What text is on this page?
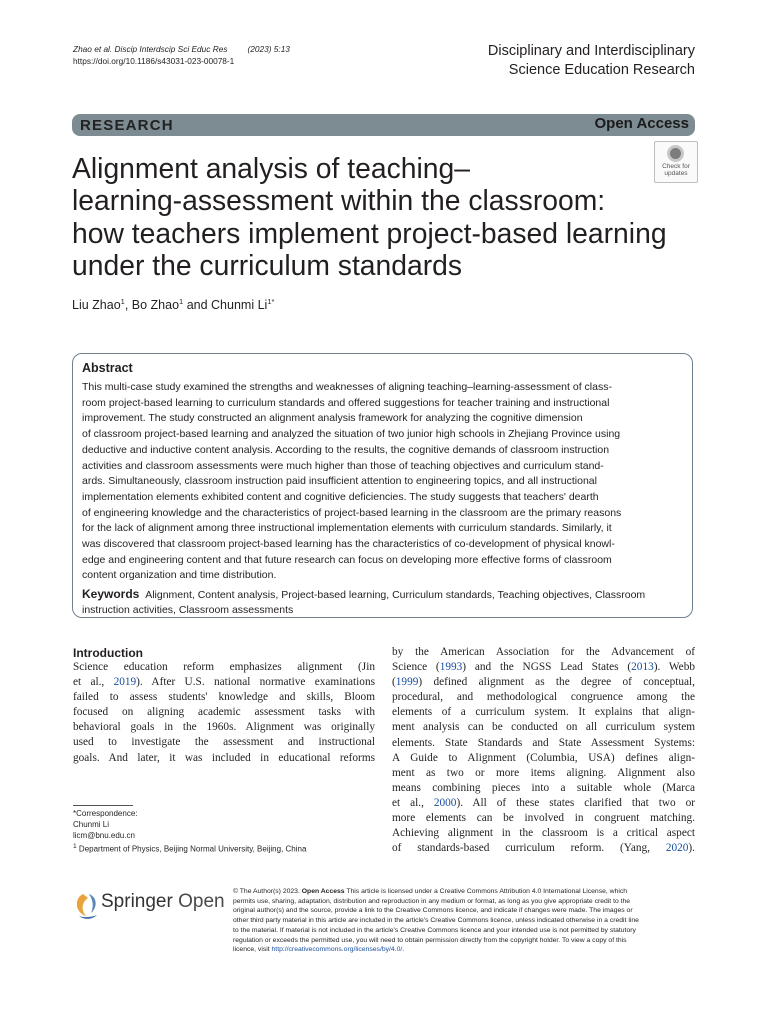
Zhao et al. Discip Interdscip Sci Educ Res (2023) 5:13
https://doi.org/10.1186/s43031-023-00078-1
Disciplinary and Interdisciplinary
Science Education Research
RESEARCH	Open Access
Alignment analysis of teaching–
learning-assessment within the classroom:
how teachers implement project-based learning
under the curriculum standards
Check for
updates
Liu Zhao$^1$, Bo Zhao$^1$ and Chunmi $Li^{1*}$
Abstract
This multi-case study examined the strengths and weaknesses of aligning teaching–learning-assessment of class-
room project-based learning to curriculum standards and offered suggestions for teacher training and instructional
improvement. The study constructed an alignment analysis framework for analyzing the cognitive dimension
of classroom project-based learning and analyzed the situation of two junior high schools in Zhejiang Province using
deductive and inductive content analysis. According to the results, the cognitive demands of classroom instruction
activities and classroom assessments were much higher than those of teaching objectives and curriculum stand-
ards. Simultaneously, classroom instruction paid insufficient attention to engineering topics, and all instructional
implementation elements exhibited content and cognitive deficiencies. The study suggests that teachers' dearth
of engineering knowledge and the characteristics of project-based learning in the classroom are the primary reasons
for the lack of alignment among three instructional implementation elements with curriculum standards. Similarly, it
was discovered that classroom project-based learning has the characteristics of co-development of physical knowl-
edge and engineering content and that future research can focus on developing more effective forms of classroom
content organization and time distribution.
Keywords Alignment, Content analysis, Project-based learning, Curriculum standards, Teaching objectives, Classroom
instruction activities, Classroom assessments
Introduction
Science education reform emphasizes alignment (Jin
et al., 2019). After U.S. national normative examinations
failed to assess students' knowledge and skills, Bloom
focused on aligning academic assessment tasks with
behavioral goals in the 1960s. Alignment was originally
used to investigate the assessment and instructional
goals. And later, it was included in educational reforms
by the American Association for the Advancement of
Science (1993) and the NGSS Lead States (2013). Webb
(1999) defined alignment as the degree of conceptual,
procedural, and methodological congruence among the
elements of a curriculum system. It explains that align-
ment analysis can be conducted on all curriculum system
elements. State Standards and State Assessment Systems:
A Guide to Alignment (Columbia, USA) defines align-
ment as two or more items aligning. Alignment also
means combining pieces into a suitable whole (Marca
et al., 2000). All of these states clarified that two or
more elements can be involved in congruent matching.
Achieving alignment in the classroom is a critical aspect
of standards-based curriculum reform. (Yang, 2020).
*Correspondence:
Chunmi Li
licm@bnu.edu.cn
$^1$ Department of Physics, Beijing Normal University, Beijing, China
Springer Open © The Author(s) 2023. Open Access This article is licensed under a Creative Commons Attribution 4.0 International License, which
permits use, sharing, adaptation, distribution and reproduction in any medium or format, as long as you give appropriate credit to the
original author(s) and the source, provide a link to the Creative Commons licence, and indicate if changes were made. The images or
other third party material in this article are included in the article's Creative Commons licence, unless indicated otherwise in a credit line
to the material. If material is not included in the article's Creative Commons licence and your intended use is not permitted by statutory
regulation or exceeds the permitted use, you will need to obtain permission directly from the copyright holder. To view a copy of this
licence, visit http://creativecommons.org/licenses/by/4.0/.
